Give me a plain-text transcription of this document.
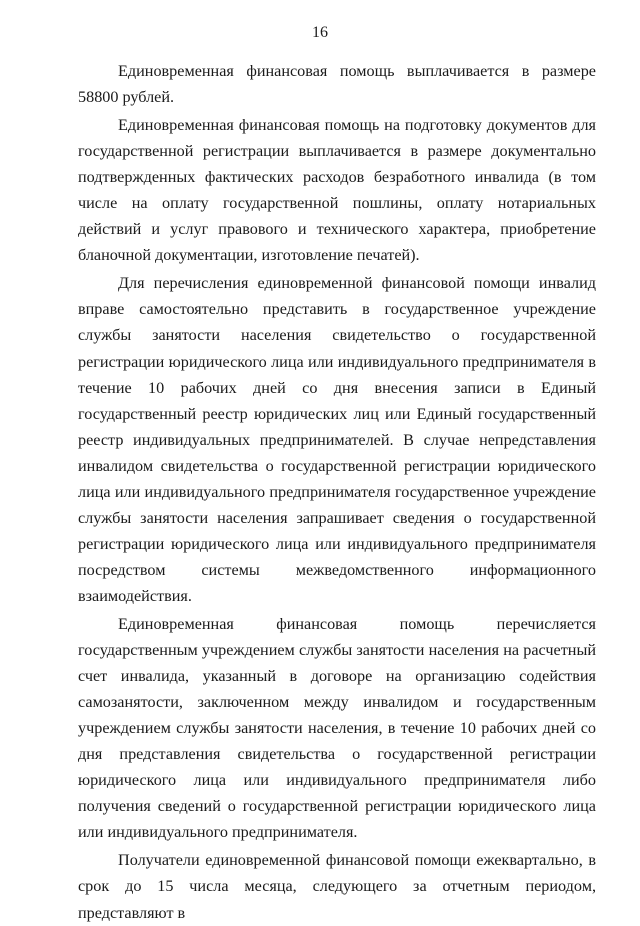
16

Единовременная финансовая помощь выплачивается в размере 58800 рублей.

Единовременная финансовая помощь на подготовку документов для государственной регистрации выплачивается в размере документально подтвержденных фактических расходов безработного инвалида (в том числе на оплату государственной пошлины, оплату нотариальных действий и услуг правового и технического характера, приобретение бланочной документации, изготовление печатей).

Для перечисления единовременной финансовой помощи инвалид вправе самостоятельно представить в государственное учреждение службы занятости населения свидетельство о государственной регистрации юридического лица или индивидуального предпринимателя в течение 10 рабочих дней со дня внесения записи в Единый государственный реестр юридических лиц или Единый государственный реестр индивидуальных предпринимателей. В случае непредставления инвалидом свидетельства о государственной регистрации юридического лица или индивидуального предпринимателя государственное учреждение службы занятости населения запрашивает сведения о государственной регистрации юридического лица или индивидуального предпринимателя посредством системы межведомственного информационного взаимодействия.

Единовременная финансовая помощь перечисляется государственным учреждением службы занятости населения на расчетный счет инвалида, указанный в договоре на организацию содействия самозанятости, заключенном между инвалидом и государственным учреждением службы занятости населения, в течение 10 рабочих дней со дня представления свидетельства о государственной регистрации юридического лица или индивидуального предпринимателя либо получения сведений о государственной регистрации юридического лица или индивидуального предпринимателя.

Получатели единовременной финансовой помощи ежеквартально, в срок до 15 числа месяца, следующего за отчетным периодом, представляют в
